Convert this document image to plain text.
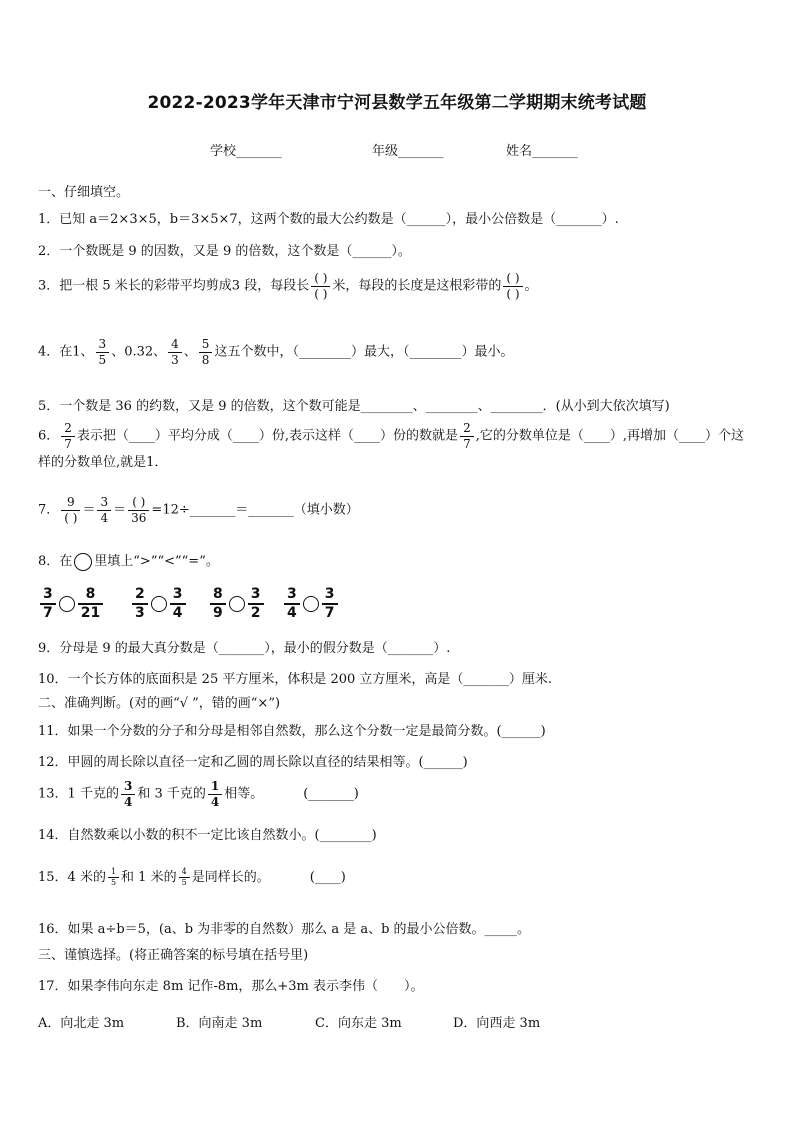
2022-2023学年天津市宁河县数学五年级第二学期期末统考试题
学校_______	年级_______	姓名_______
一、仔细填空。
1．已知 a＝2×3×5，b＝3×5×7，这两个数的最大公约数是（______），最小公倍数是（_______）.
2．一个数既是 9 的因数，又是 9 的倍数，这个数是（______）。
3．把一根 5 米长的彩带平均剪成3 段，每段长 $\frac{( )}{( )}$ 米，每段的长度是这根彩带的 $\frac{( )}{( )}$ 。
4．在1、 $\frac{3}{5}$ 、0.32、 $\frac{4}{3}$ 、 $\frac{5}{8}$ 这五个数中，（________）最大，（________）最小。
5．一个数是 36 的约数，又是 9 的倍数，这个数可能是________、________、________．(从小到大依次填写)
6． $\frac{2}{7}$ 表示把（____）平均分成（____）份,表示这样（____）份的数就是 $\frac{2}{7}$ ,它的分数单位是（____）,再增加（____）个这样的分数单位,就是1．
7． $\frac{9}{( )} = \frac{3}{4} = \frac{( )}{36}$ =12÷_______＝_______（填小数）
8．在 里填上“>”“<”“=”。
$\frac{3}{7} \frac{8}{21} \frac{2}{3} \frac{3}{4} \frac{8}{9} \frac{3}{2} \frac{3}{4} \frac{3}{7}$
9．分母是 9 的最大真分数是（_______），最小的假分数是（_______）.
10．一个长方体的底面积是 25 平方厘米，体积是 200 立方厘米，高是（_______）厘米.
二、准确判断。(对的画“√ ”，错的画“×”)
11．如果一个分数的分子和分母是相邻自然数，那么这个分数一定是最简分数。(______)
12．甲圆的周长除以直径一定和乙圆的周长除以直径的结果相等。(______)
13．1 千克的 $\frac{3}{4}$ 和 3 千克的 $\frac{1}{4}$ 相等。	(_______)
14．自然数乘以小数的积不一定比该自然数小。(________)
15．4 米的 $\frac{1}{5}$ 和 1 米的 $\frac{4}{5}$ 是同样长的。	(____)
16．如果 a÷b＝5，(a、b 为非零的自然数）那么 a 是 a、b 的最小公倍数。_____。
三、谨慎选择。(将正确答案的标号填在括号里)
17．如果李伟向东走 8m 记作-8m，那么+3m 表示李伟（　　）。
A．向北走 3m	B．向南走 3m	C．向东走 3m	D．向西走 3m
